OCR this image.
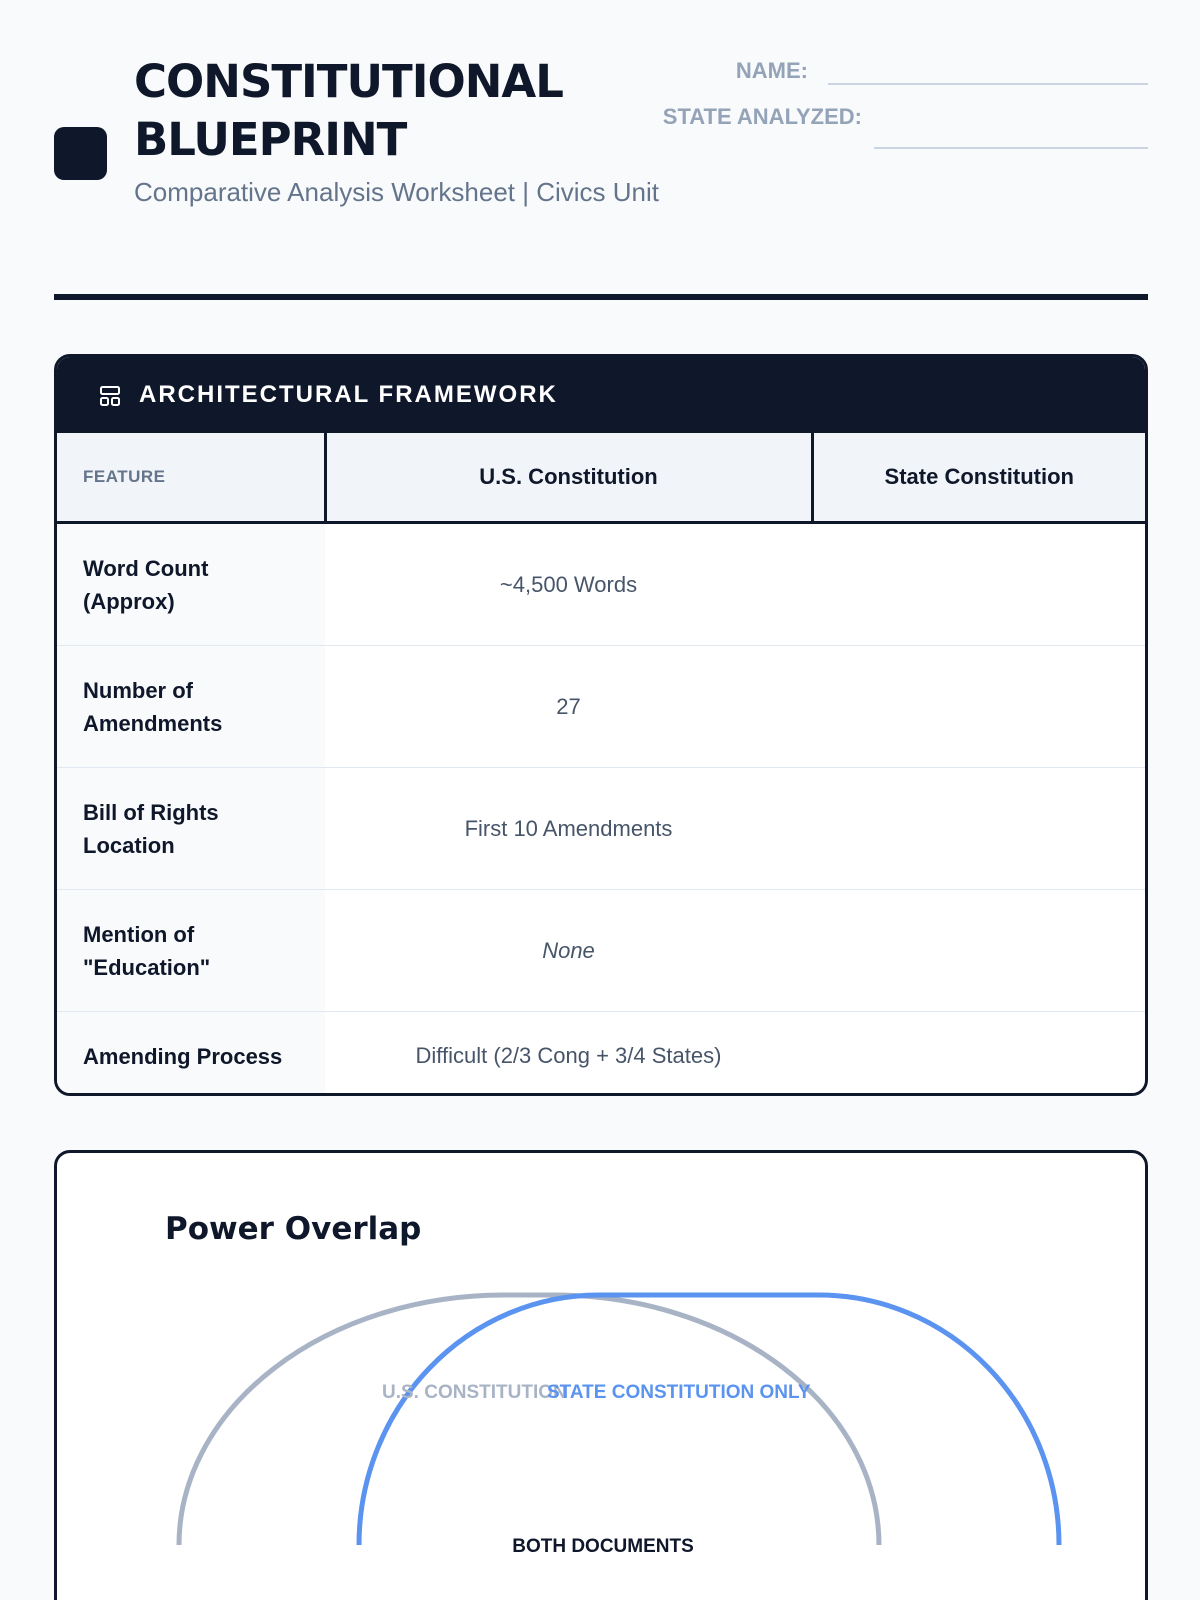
CONSTITUTIONAL BLUEPRINT
Comparative Analysis Worksheet | Civics Unit
NAME:
STATE ANALYZED:
ARCHITECTURAL FRAMEWORK
FEATURE	U.S. Constitution	State Constitution
Word Count (Approx)	~4,500 Words	
Number of Amendments	27	
Bill of Rights Location	First 10 Amendments	
Mention of "Education"	None	
Amending Process	Difficult (2/3 Cong + 3/4 States)	
Power Overlap
U.S. CONSTITUTION
STATE CONSTITUTION ONLY
BOTH DOCUMENTS
